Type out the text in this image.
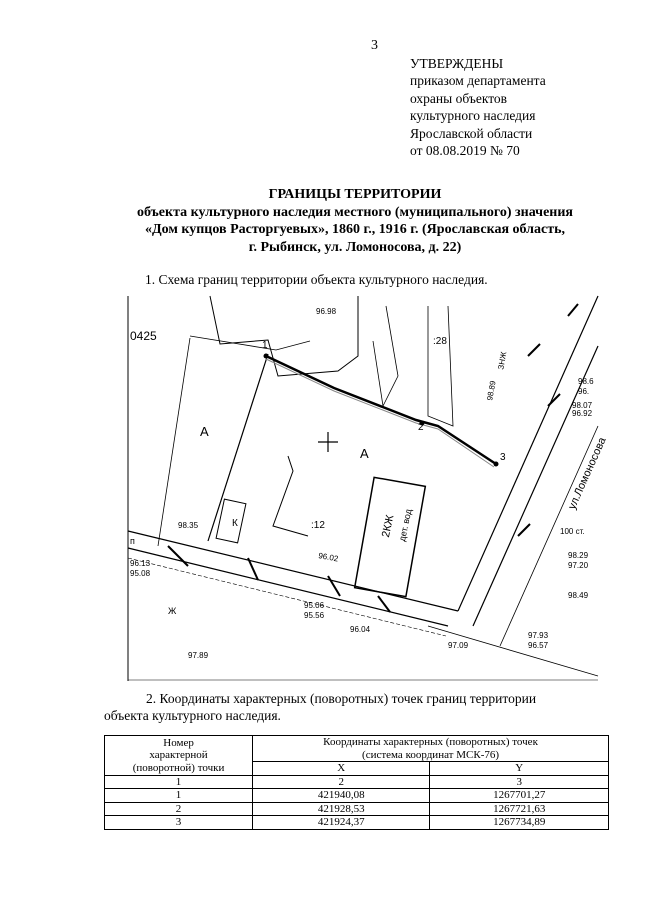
3
УТВЕРЖДЕНЫ
приказом департамента
охраны объектов
культурного наследия
Ярославской области
от 08.08.2019 № 70
ГРАНИЦЫ ТЕРРИТОРИИ
объекта культурного наследия местного (муниципального) значения
«Дом купцов Расторгуевых», 1860 г., 1916 г. (Ярославская область,
г. Рыбинск, ул. Ломоносова, д. 22)
1. Схема границ территории объекта культурного наследия.
0425	:28
:12
А
А
К	2КЖ дет. вод
ул.Ломоносова
1
2
3
96.98
98.35
96.13
95.08
96.02
95.06
95.56
96.04
97.89
97.09
98.89
98.07
96.92
98.29
97.20
98.49
97.93
96.57
98.6
96.
п
Ж
100 ст.
ЗНЖ
2. Координаты характерных (поворотных) точек границ территории
объекта культурного наследия.
Номер
характерной
(поворотной) точки	Координаты характерных (поворотных) точек
(система координат МСК-76)	

	X	Y
1	2	3
1	421940,08	1267701,27
2	421928,53	1267721,63
3	421924,37	1267734,89
